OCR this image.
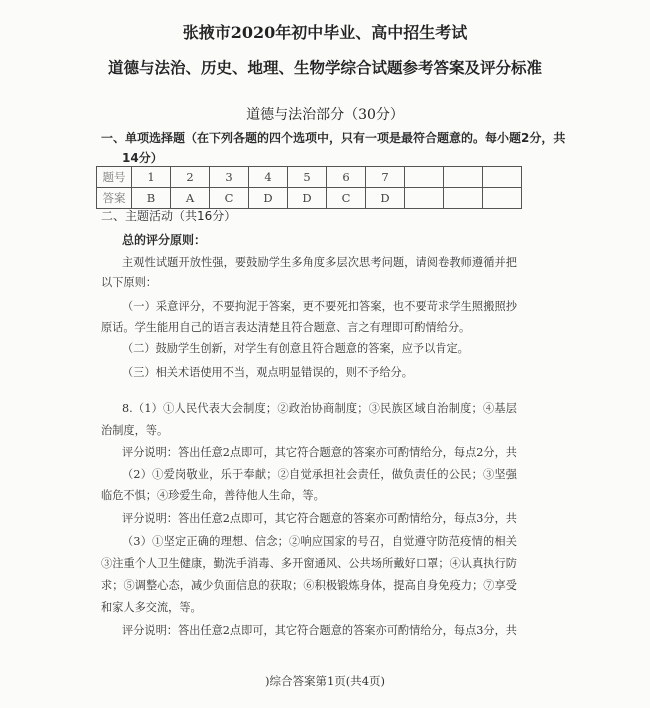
张掖市2020年初中毕业、高中招生考试
道德与法治、历史、地理、生物学综合试题参考答案及评分标准
道德与法治部分（30分）
一、单项选择题（在下列各题的四个选项中，只有一项是最符合题意的。每小题2分，共
14分）
题号	1	2	3	4	5	6	7			
答案	B	A	C	D	D	C	D			
二、主题活动（共16分）
总的评分原则：
主观性试题开放性强，要鼓励学生多角度多层次思考问题，请阅卷教师遵循并把
以下原则：
（一）采意评分，不要拘泥于答案，更不要死扣答案，也不要苛求学生照搬照抄
原话。学生能用自己的语言表达清楚且符合题意、言之有理即可酌情给分。
（二）鼓励学生创新，对学生有创意且符合题意的答案，应予以肯定。
（三）相关术语使用不当，观点明显错误的，则不予给分。
8.（1）①人民代表大会制度；②政治协商制度；③民族区域自治制度；④基层
治制度，等。
评分说明：答出任意2点即可，其它符合题意的答案亦可酌情给分，每点2分，共
（2）①爱岗敬业，乐于奉献；②自觉承担社会责任，做负责任的公民；③坚强
临危不惧；④珍爱生命，善待他人生命，等。
评分说明：答出任意2点即可，其它符合题意的答案亦可酌情给分，每点3分，共
（3）①坚定正确的理想、信念；②响应国家的号召，自觉遵守防范疫情的相关
③注重个人卫生健康，勤洗手消毒、多开窗通风、公共场所戴好口罩；④认真执行防
求；⑤调整心态，减少负面信息的获取；⑥积极锻炼身体，提高自身免疫力；⑦享受
和家人多交流，等。
评分说明：答出任意2点即可，其它符合题意的答案亦可酌情给分，每点3分，共
)综合答案第1页(共4页)
